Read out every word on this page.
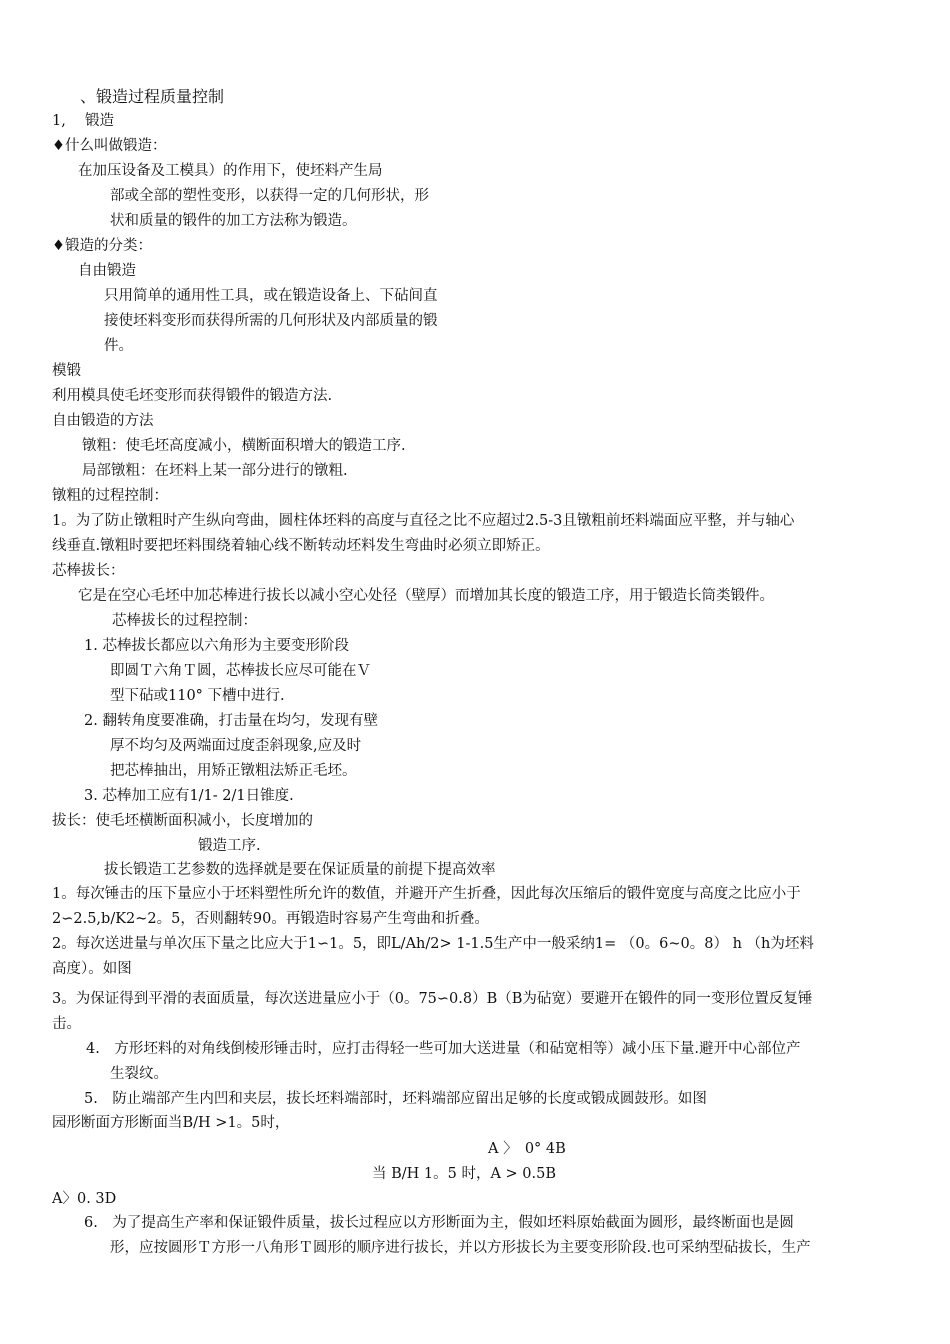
、锻造过程质量控制
1,　 锻造
♦什么叫做锻造：
在加压设备及工模具）的作用下，使坯料产生局
部或全部的塑性变形，以获得一定的几何形状，形
状和质量的锻件的加工方法称为锻造。
♦锻造的分类：
自由锻造
只用简单的通用性工具，或在锻造设备上、下砧间直
接使坯料变形而获得所需的几何形状及内部质量的锻
件。
模锻
利用模具使毛坯变形而获得锻件的锻造方法.
自由锻造的方法
镦粗：使毛坯高度减小，横断面积增大的锻造工序.
局部镦粗：在坯料上某一部分进行的镦粗.
镦粗的过程控制：
1。为了防止镦粗时产生纵向弯曲，圆柱体坯料的高度与直径之比不应超过2.5-3且镦粗前坯料端面应平整，并与轴心
线垂直.镦粗时要把坯料围绕着轴心线不断转动坯料发生弯曲时必须立即矫正。
芯棒拔长：
它是在空心毛坯中加芯棒进行拔长以减小空心处径（壁厚）而增加其长度的锻造工序，用于锻造长筒类锻件。
芯棒拔长的过程控制：
1. 芯棒拔长都应以六角形为主要变形阶段
即圆Ｔ六角Ｔ圆，芯棒拔长应尽可能在Ｖ
型下砧或110° 下槽中进行.
2. 翻转角度要准确，打击量在均匀，发现有壁
厚不均匀及两端面过度歪斜现象,应及时
把芯棒抽出，用矫正镦粗法矫正毛坯。
3. 芯棒加工应有1/1- 2/1日锥度.
拔长：使毛坯横断面积减小，长度增加的
锻造工序.
拔长锻造工艺参数的选择就是要在保证质量的前提下提高效率
1。每次锤击的压下量应小于坯料塑性所允许的数值，并避开产生折叠，因此每次压缩后的锻件宽度与高度之比应小于
2∽2.5,b/K2~2。5，否则翻转90。再锻造时容易产生弯曲和折叠。
2。每次送进量与单次压下量之比应大于1∽1。5，即L/Ah/2> 1-1.5生产中一般采纳1= （0。6~0。8） h （h为坯料
高度）。如图
3。为保证得到平滑的表面质量，每次送进量应小于（0。75∽0.8）B（B为砧宽）要避开在锻件的同一变形位置反复锤
击。
4.　方形坯料的对角线倒棱形锤击时，应打击得轻一些可加大送进量（和砧宽相等）减小压下量.避开中心部位产
生裂纹。
5.　防止端部产生内凹和夹层，拔长坯料端部时，坯料端部应留出足够的长度或锻成圆鼓形。如图
园形断面方形断面当B/H >1。5时，
A 〉　0° 4B
当 B/H 1。5 时，A > 0.5B
A〉0. 3D
6.　为了提高生产率和保证锻件质量，拔长过程应以方形断面为主，假如坯料原始截面为圆形，最终断面也是圆
形，应按圆形Ｔ方形一八角形Ｔ圆形的顺序进行拔长，并以方形拔长为主要变形阶段.也可采纳型砧拔长，生产
